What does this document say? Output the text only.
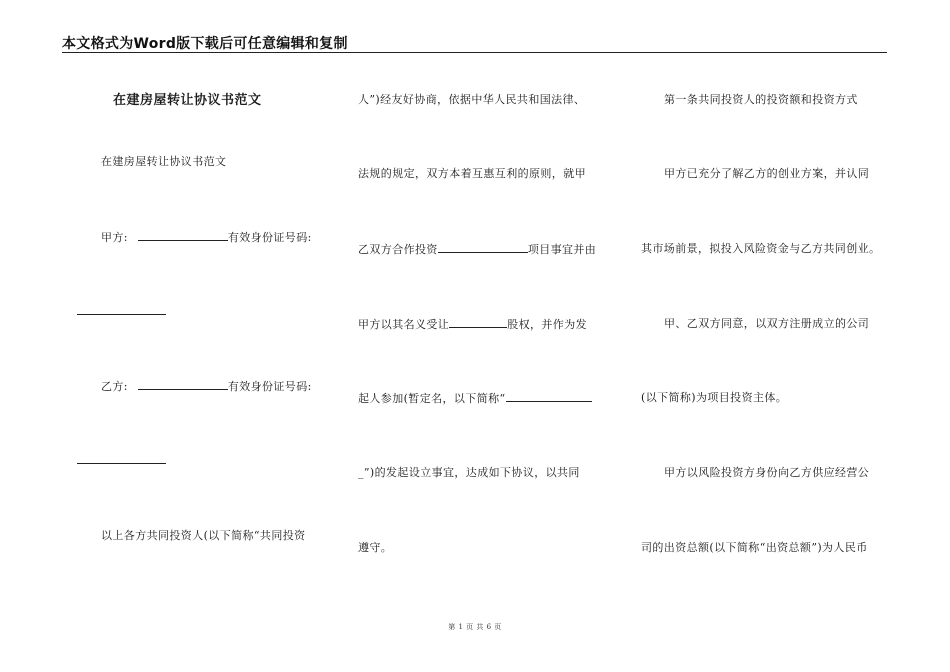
本文格式为Word版下载后可任意编辑和复制
在建房屋转让协议书范文
在建房屋转让协议书范文
甲方:	有效身份证号码:
乙方:	有效身份证号码:
以上各方共同投资人(以下简称“共同投资
人”)经友好协商，依据中华人民共和国法律、
法规的规定，双方本着互惠互利的原则，就甲
乙双方合作投资	项目事宜并由
甲方以其名义受让	股权，并作为发
起人参加(暂定名，以下简称“
_”)的发起设立事宜，达成如下协议，以共同
遵守。
第一条共同投资人的投资额和投资方式
甲方已充分了解乙方的创业方案，并认同
其市场前景，拟投入风险资金与乙方共同创业。
甲、乙双方同意，以双方注册成立的公司
(以下简称)为项目投资主体。
甲方以风险投资方身份向乙方供应经营公
司的出资总额(以下简称“出资总额”)为人民币
第 1 页 共 6 页
